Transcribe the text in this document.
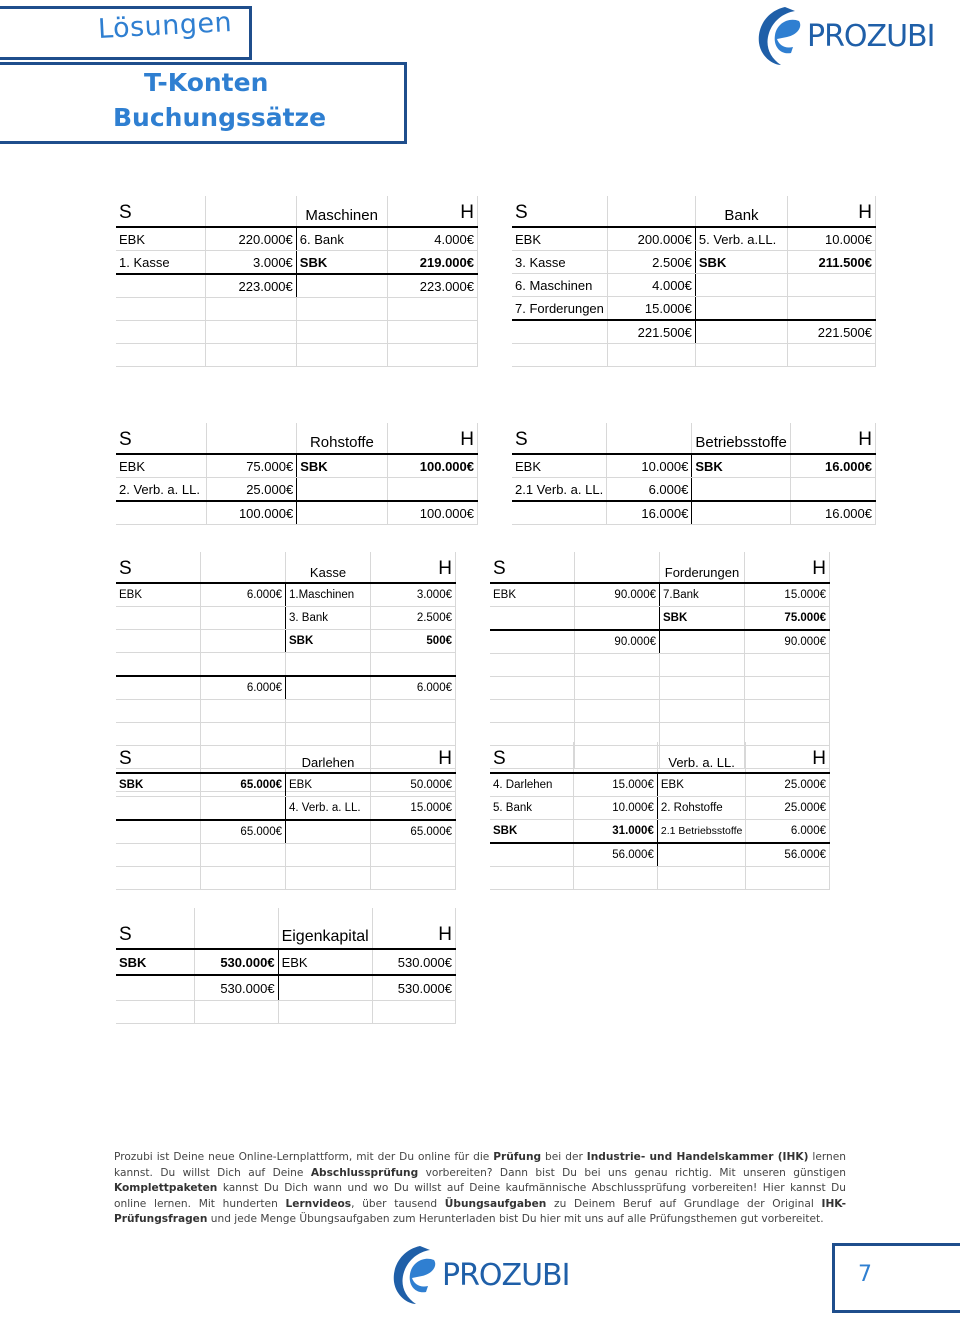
Lösungen
T-Konten
Buchungssätze
PROZUBI
S		Maschinen	H
EBK	220.000€	6. Bank	4.000€
1. Kasse	3.000€	SBK	219.000€
	223.000€		223.000€

S		Bank	H
EBK	200.000€	5. Verb. a.LL.	10.000€
3. Kasse	2.500€	SBK	211.500€
6. Maschinen	4.000€		
7. Forderungen	15.000€		
	221.500€		221.500€

S		Rohstoffe	H
EBK	75.000€	SBK	100.000€
2. Verb. a. LL.	25.000€		
	100.000€		100.000€
S		Betriebsstoffe	H
EBK	10.000€	SBK	16.000€
2.1 Verb. a. LL.	6.000€		
	16.000€		16.000€
S		Kasse	H
EBK	6.000€	1.Maschinen	3.000€
		3. Bank	2.500€
		SBK	500€

	6.000€		6.000€

S		Forderungen	H
EBK	90.000€	7.Bank	15.000€
		SBK	75.000€
	90.000€		90.000€

S		Darlehen	H
SBK	65.000€	EBK	50.000€
		4. Verb. a. LL.	15.000€
	65.000€		65.000€

S		Verb. a. LL.	H
4. Darlehen	15.000€	EBK	25.000€
5. Bank	10.000€	2. Rohstoffe	25.000€
SBK	31.000€	2.1 Betriebsstoffe	6.000€
	56.000€		56.000€

S		Eigenkapital	H
SBK	530.000€	EBK	530.000€
	530.000€		530.000€

Prozubi ist Deine neue Online-Lernplattform, mit der Du online für die Prüfung bei der Industrie- und Handelskammer (IHK) lernen kannst. Du willst Dich auf Deine Abschlussprüfung vorbereiten? Dann bist Du bei uns genau richtig. Mit unseren günstigen Komplettpaketen kannst Du Dich wann und wo Du willst auf Deine kaufmännische Abschlussprüfung vorbereiten! Hier kannst Du online lernen. Mit hunderten Lernvideos, über tausend Übungsaufgaben zu Deinem Beruf auf Grundlage der Original IHK-Prüfungsfragen und jede Menge Übungsaufgaben zum Herunterladen bist Du hier mit uns auf alle Prüfungsthemen gut vorbereitet.
PROZUBI	7
